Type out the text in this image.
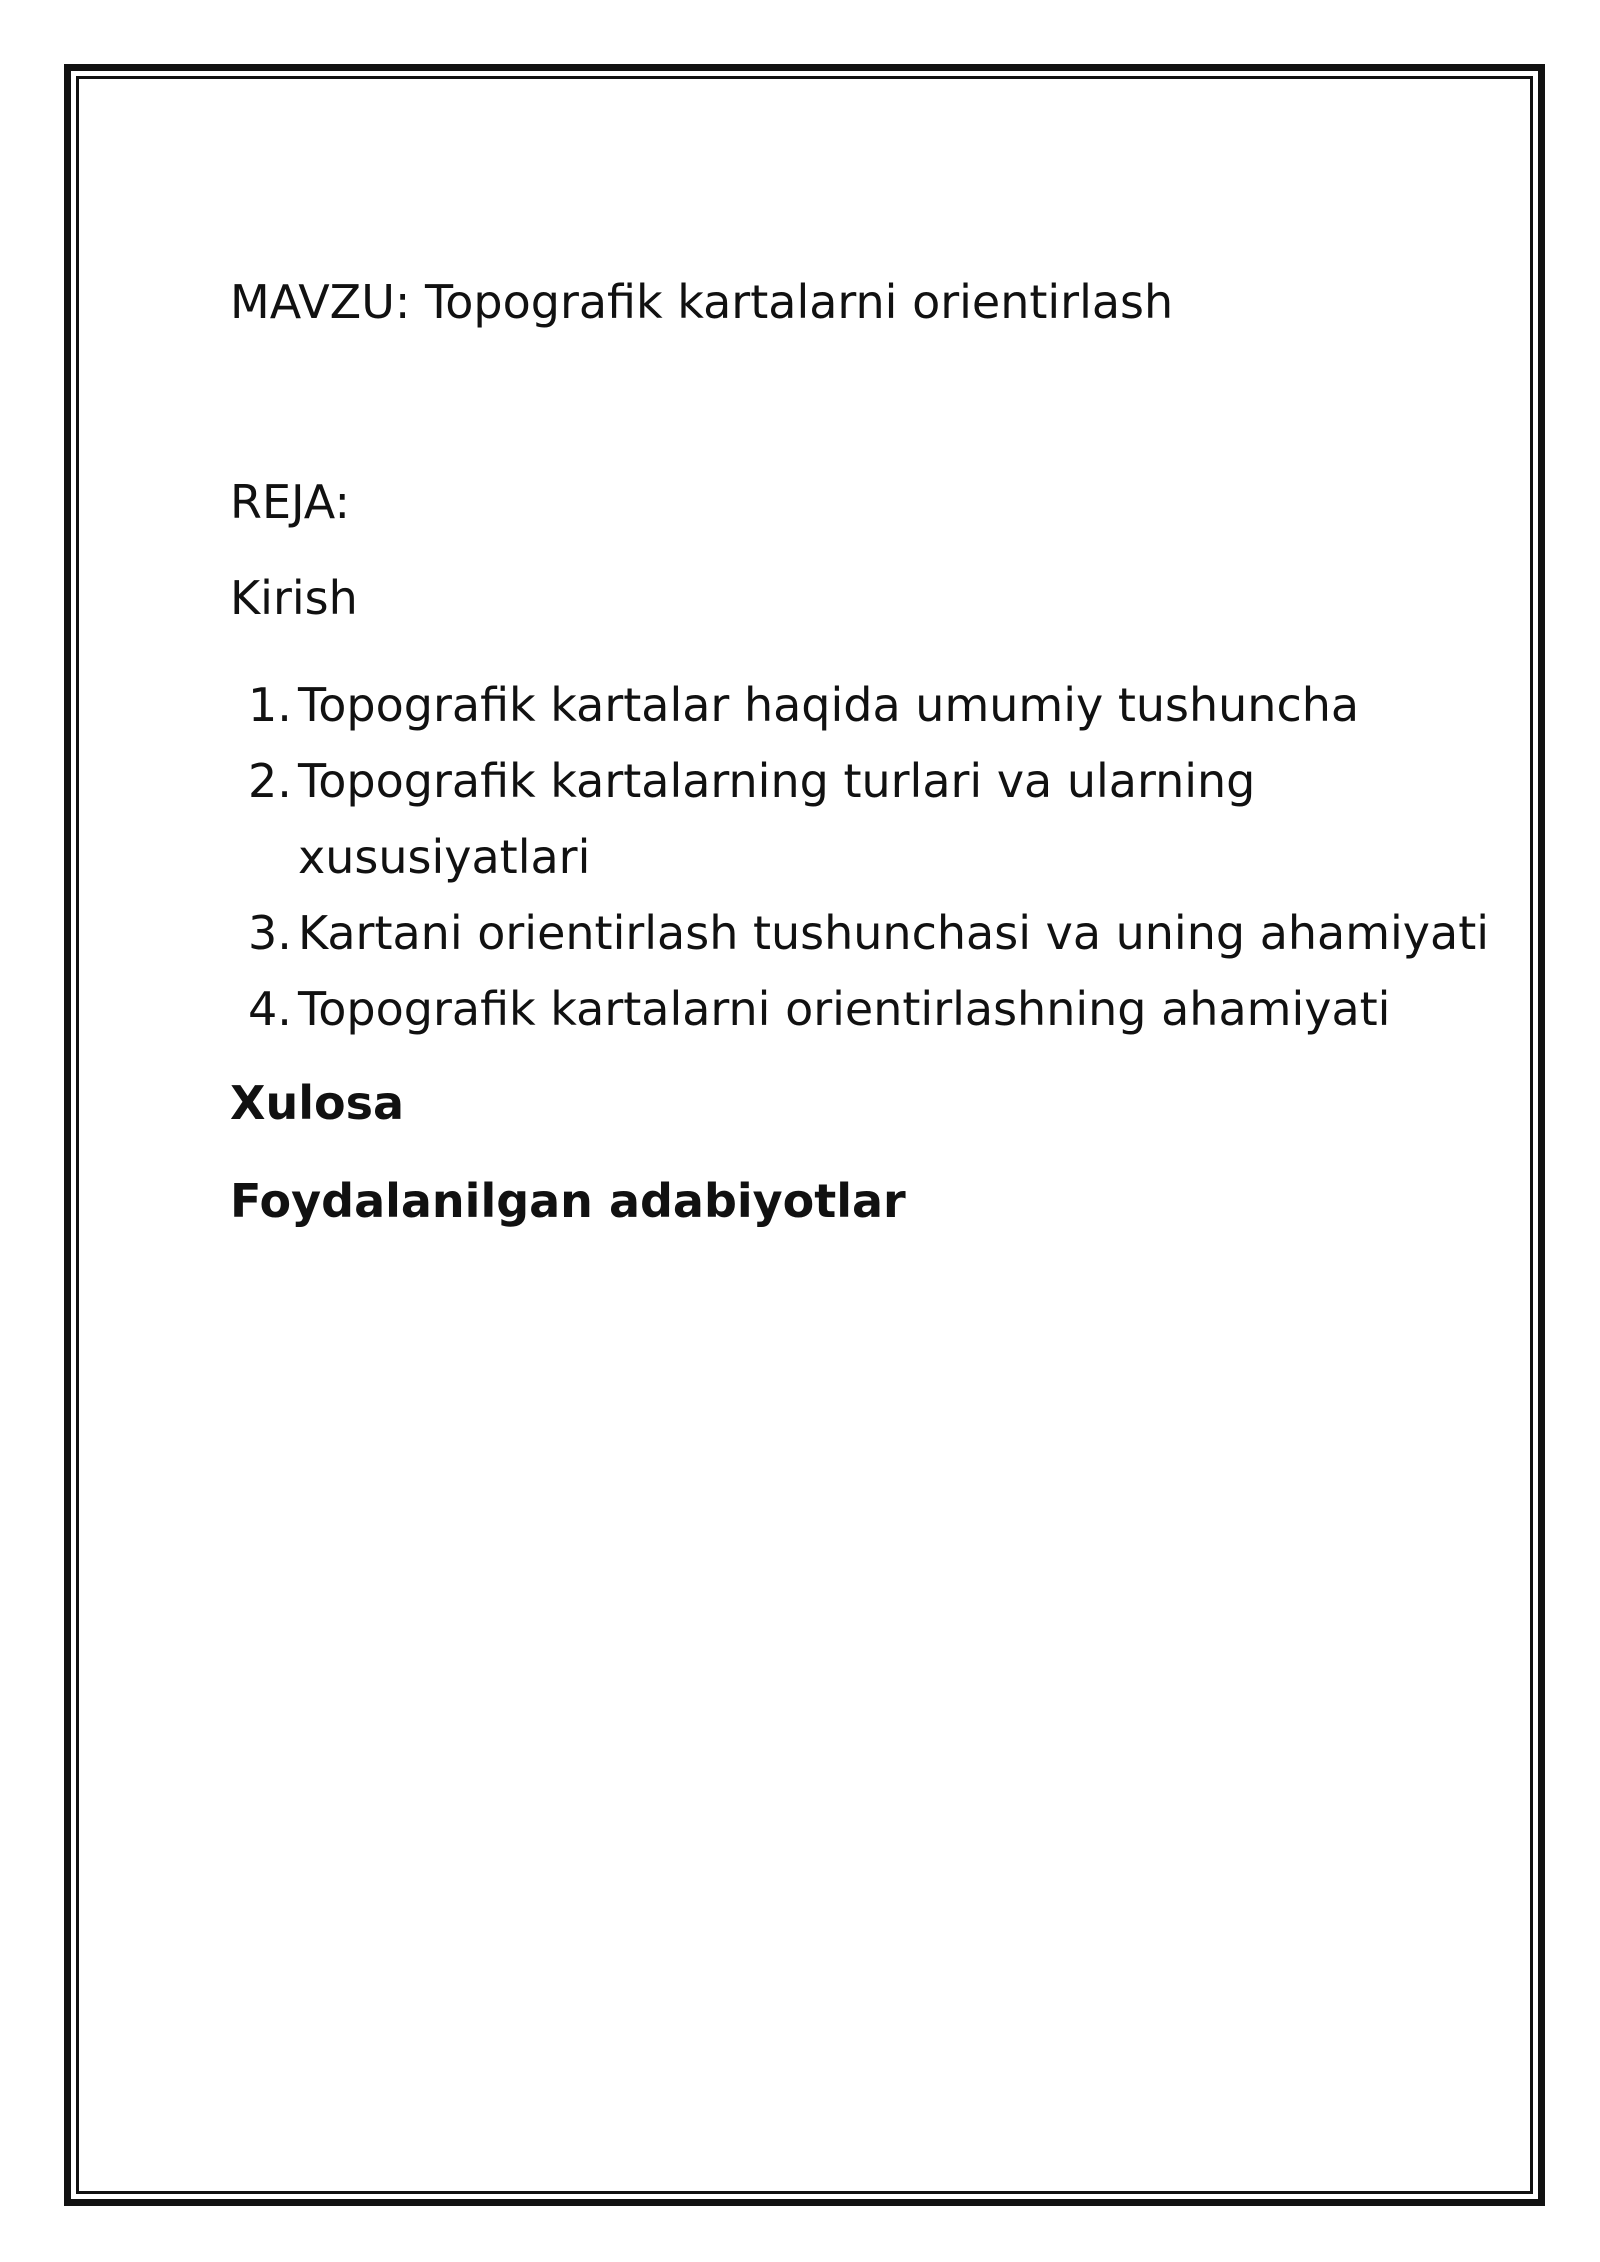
MAVZU: Topografik kartalarni orientirlash
REJA:
Kirish
1. Topografik kartalar haqida umumiy tushuncha
2. Topografik kartalarning turlari va ularning xususiyatlari
3. Kartani orientirlash tushunchasi va uning ahamiyati
4. Topografik kartalarni orientirlashning ahamiyati
Xulosa
Foydalanilgan adabiyotlar
